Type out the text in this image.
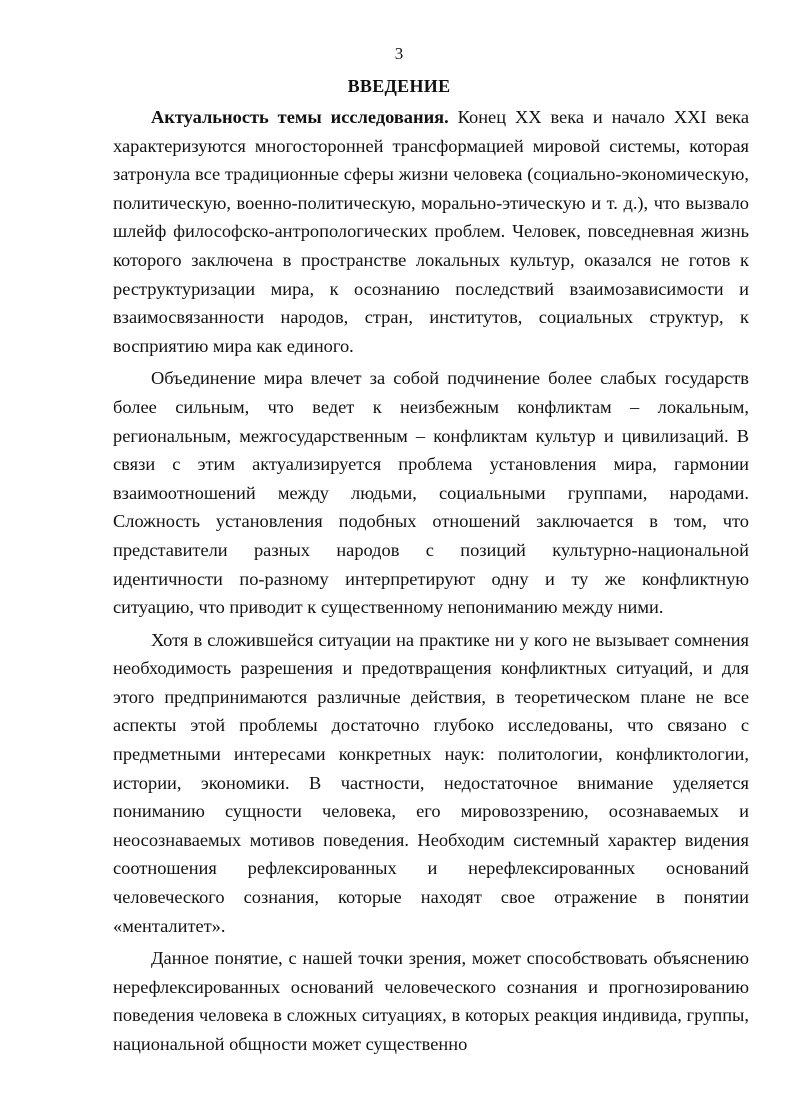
3
ВВЕДЕНИЕ

Актуальность темы исследования. Конец XX века и начало XXI века характеризуются многосторонней трансформацией мировой системы, которая затронула все традиционные сферы жизни человека (социально-экономическую, политическую, военно-политическую, морально-этическую и т. д.), что вызвало шлейф философско-антропологических проблем. Человек, повседневная жизнь которого заключена в пространстве локальных культур, оказался не готов к реструктуризации мира, к осознанию последствий взаимозависимости и взаимосвязанности народов, стран, институтов, социальных структур, к восприятию мира как единого.

Объединение мира влечет за собой подчинение более слабых государств более сильным, что ведет к неизбежным конфликтам – локальным, региональным, межгосударственным – конфликтам культур и цивилизаций. В связи с этим актуализируется проблема установления мира, гармонии взаимоотношений между людьми, социальными группами, народами. Сложность установления подобных отношений заключается в том, что представители разных народов с позиций культурно-национальной идентичности по-разному интерпретируют одну и ту же конфликтную ситуацию, что приводит к существенному непониманию между ними.

Хотя в сложившейся ситуации на практике ни у кого не вызывает сомнения необходимость разрешения и предотвращения конфликтных ситуаций, и для этого предпринимаются различные действия, в теоретическом плане не все аспекты этой проблемы достаточно глубоко исследованы, что связано с предметными интересами конкретных наук: политологии, конфликтологии, истории, экономики. В частности, недостаточное внимание уделяется пониманию сущности человека, его мировоззрению, осознаваемых и неосознаваемых мотивов поведения. Необходим системный характер видения соотношения рефлексированных и нерефлексированных оснований человеческого сознания, которые находят свое отражение в понятии «менталитет».

Данное понятие, с нашей точки зрения, может способствовать объяснению нерефлексированных оснований человеческого сознания и прогнозированию поведения человека в сложных ситуациях, в которых реакция индивида, группы, национальной общности может существенно
